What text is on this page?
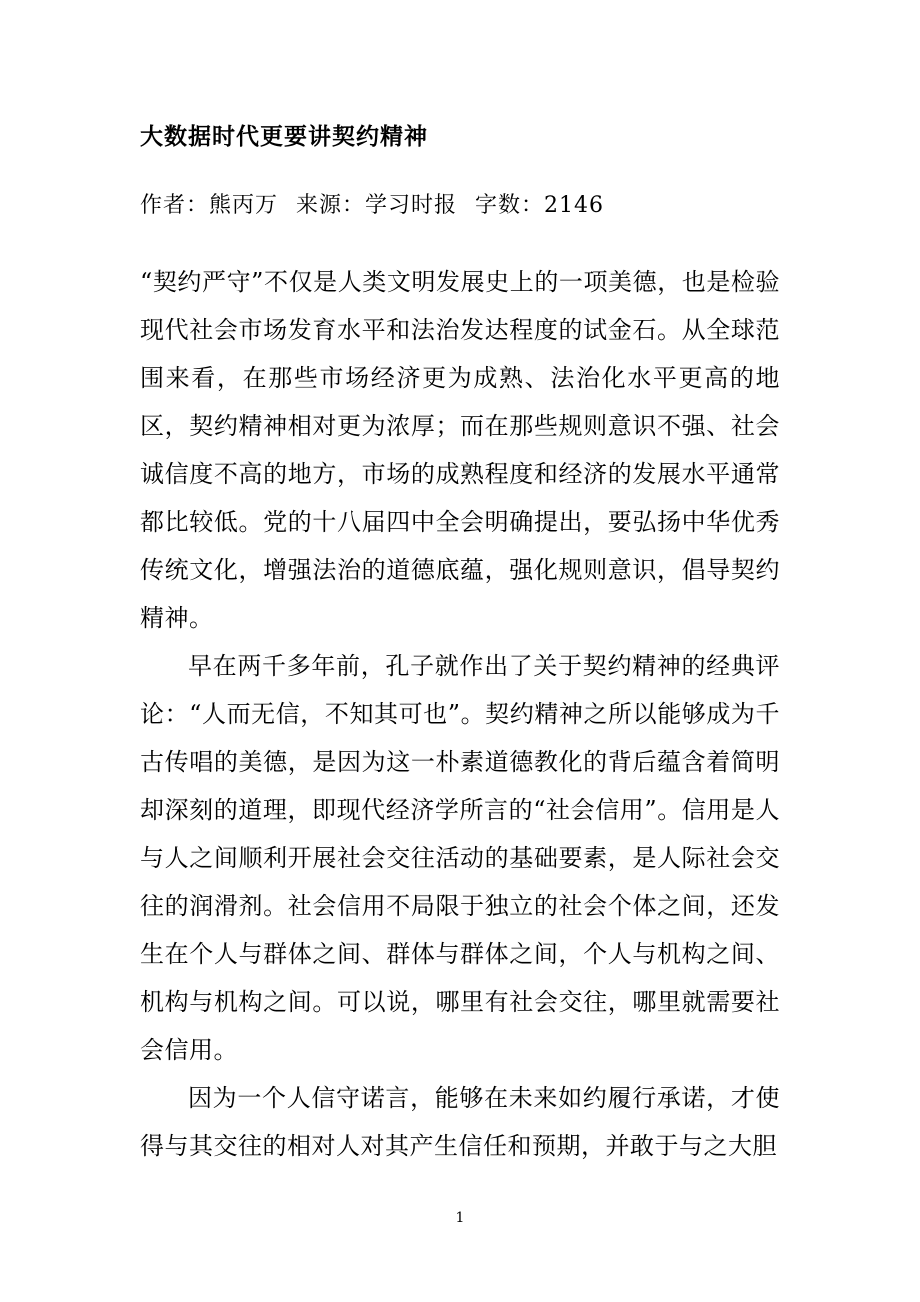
大数据时代更要讲契约精神

作者：熊丙万 来源：学习时报 字数：2146

“契约严守”不仅是人类文明发展史上的一项美德，也是检验现代社会市场发育水平和法治发达程度的试金石。从全球范围来看，在那些市场经济更为成熟、法治化水平更高的地区，契约精神相对更为浓厚；而在那些规则意识不强、社会诚信度不高的地方，市场的成熟程度和经济的发展水平通常都比较低。党的十八届四中全会明确提出，要弘扬中华优秀传统文化，增强法治的道德底蕴，强化规则意识，倡导契约精神。

早在两千多年前，孔子就作出了关于契约精神的经典评论：“人而无信，不知其可也”。契约精神之所以能够成为千古传唱的美德，是因为这一朴素道德教化的背后蕴含着简明却深刻的道理，即现代经济学所言的“社会信用”。信用是人与人之间顺利开展社会交往活动的基础要素，是人际社会交往的润滑剂。社会信用不局限于独立的社会个体之间，还发生在个人与群体之间、群体与群体之间，个人与机构之间、机构与机构之间。可以说，哪里有社会交往，哪里就需要社会信用。

因为一个人信守诺言，能够在未来如约履行承诺，才使得与其交往的相对人对其产生信任和预期，并敢于与之大胆

1
